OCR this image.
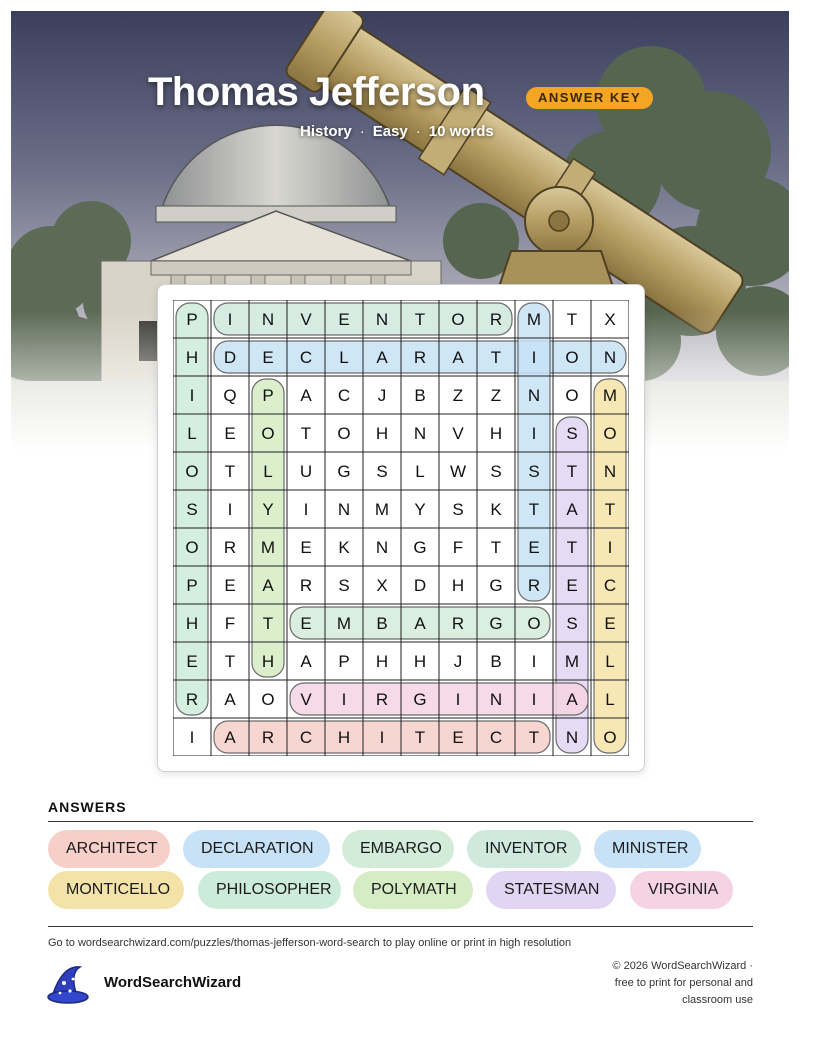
Thomas Jefferson	ANSWER KEY
History · Easy · 10 words
P I N V E N T O R M T X
H D E C L A R A T I O N
I Q P A C J B Z Z N O M
L E O T O H N V H I S O
O T L U G S L W S S T N
S I Y I N M Y S K T A T
O R M E K N G F T E T I
P E A R S X D H G R E C
H F T E M B A R G O S E
E T H A P H H J B I M L
R A O V I R G I N I A L
I A R C H I T E C T N O
ANSWERS
ARCHITECT	DECLARATION	EMBARGO	INVENTOR	MINISTER
MONTICELLO	PHILOSOPHER	POLYMATH	STATESMAN	VIRGINIA
Go to wordsearchwizard.com/puzzles/thomas-jefferson-word-search to play online or print in high resolution
WordSearchWizard
© 2026 WordSearchWizard ·
free to print for personal and
classroom use
